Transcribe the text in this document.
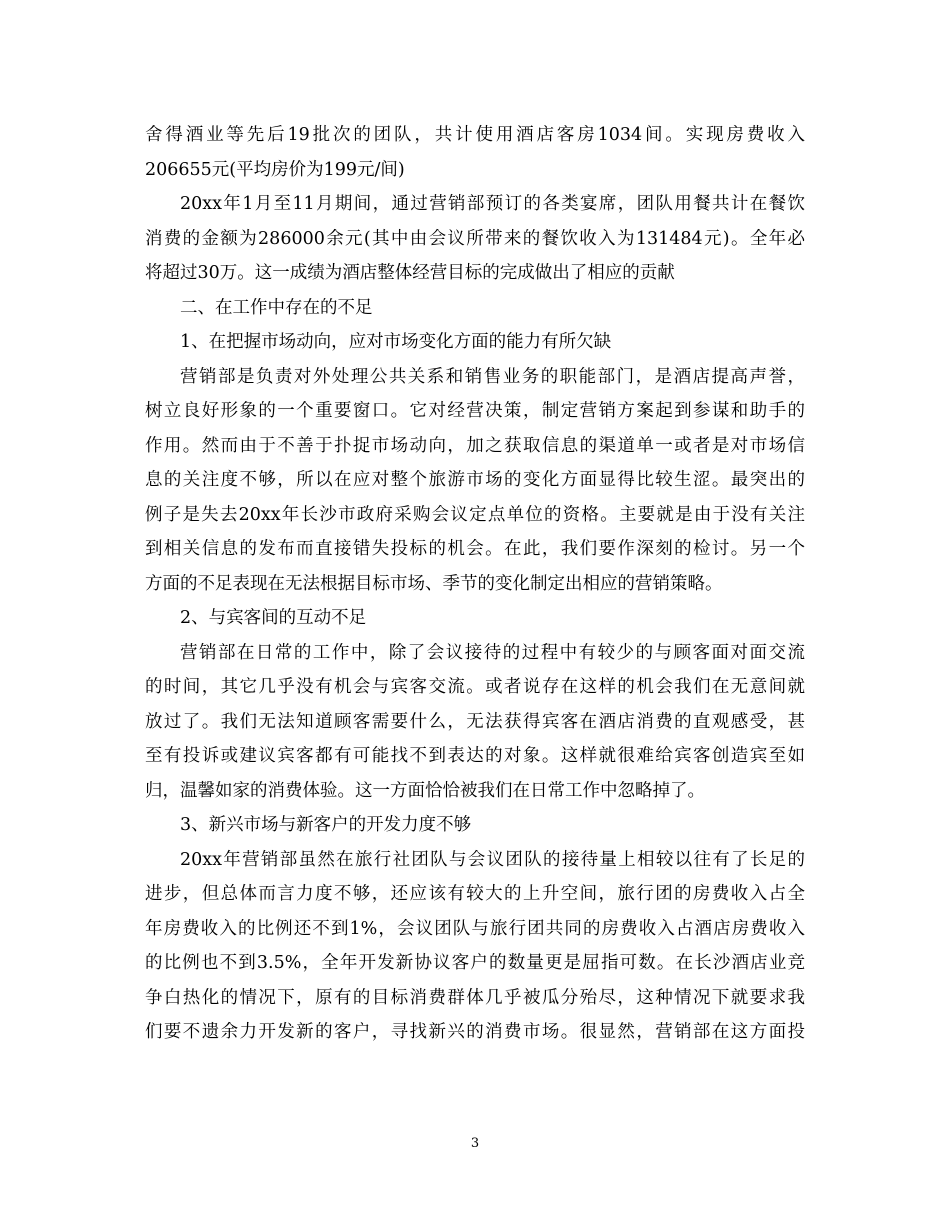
舍得酒业等先后19批次的团队，共计使用酒店客房1034间。实现房费收入
206655元(平均房价为199元/间)
20xx年1月至11月期间，通过营销部预订的各类宴席，团队用餐共计在餐饮
消费的金额为286000余元(其中由会议所带来的餐饮收入为131484元)。全年必
将超过30万。这一成绩为酒店整体经营目标的完成做出了相应的贡献
二、在工作中存在的不足
1、在把握市场动向，应对市场变化方面的能力有所欠缺
营销部是负责对外处理公共关系和销售业务的职能部门，是酒店提高声誉，
树立良好形象的一个重要窗口。它对经营决策，制定营销方案起到参谋和助手的
作用。然而由于不善于扑捉市场动向，加之获取信息的渠道单一或者是对市场信
息的关注度不够，所以在应对整个旅游市场的变化方面显得比较生涩。最突出的
例子是失去20xx年长沙市政府采购会议定点单位的资格。主要就是由于没有关注
到相关信息的发布而直接错失投标的机会。在此，我们要作深刻的检讨。另一个
方面的不足表现在无法根据目标市场、季节的变化制定出相应的营销策略。
2、与宾客间的互动不足
营销部在日常的工作中，除了会议接待的过程中有较少的与顾客面对面交流
的时间，其它几乎没有机会与宾客交流。或者说存在这样的机会我们在无意间就
放过了。我们无法知道顾客需要什么，无法获得宾客在酒店消费的直观感受，甚
至有投诉或建议宾客都有可能找不到表达的对象。这样就很难给宾客创造宾至如
归，温馨如家的消费体验。这一方面恰恰被我们在日常工作中忽略掉了。
3、新兴市场与新客户的开发力度不够
20xx年营销部虽然在旅行社团队与会议团队的接待量上相较以往有了长足的
进步，但总体而言力度不够，还应该有较大的上升空间，旅行团的房费收入占全
年房费收入的比例还不到1%，会议团队与旅行团共同的房费收入占酒店房费收入
的比例也不到3.5%，全年开发新协议客户的数量更是屈指可数。在长沙酒店业竞
争白热化的情况下，原有的目标消费群体几乎被瓜分殆尽，这种情况下就要求我
们要不遗余力开发新的客户，寻找新兴的消费市场。很显然，营销部在这方面投
3
